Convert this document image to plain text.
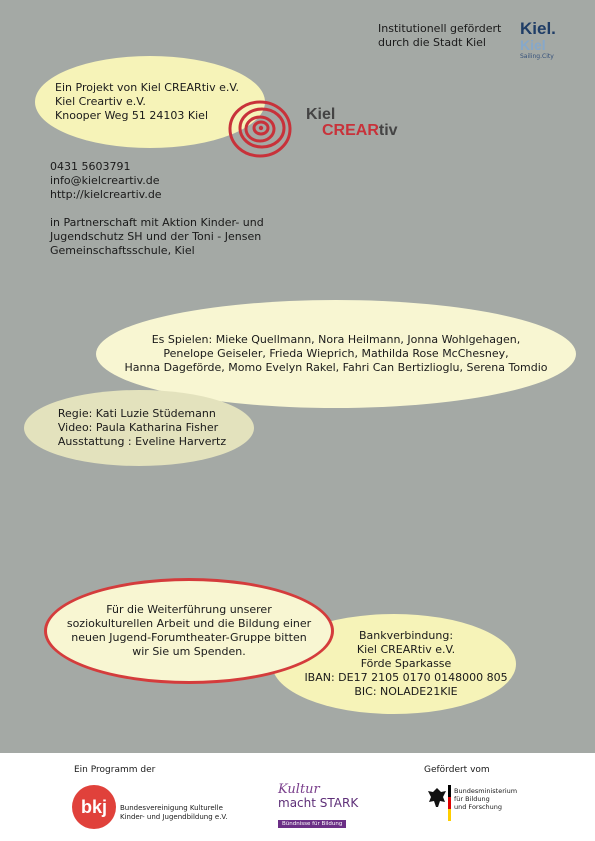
Institutionell gefördert
durch die Stadt Kiel
Kiel.
Kiel
Sailing.City
Ein Projekt von Kiel CREARtiv e.V.
Kiel Creartiv e.V.
Knooper Weg 51 24103 Kiel	Kiel
CREARtiv
0431 5603791
info@kielcreartiv.de
http://kielcreartiv.de
in Partnerschaft mit Aktion Kinder- und
Jugendschutz SH und der Toni - Jensen
Gemeinschaftsschule, Kiel
Es Spielen: Mieke Quellmann, Nora Heilmann, Jonna Wohlgehagen,
Penelope Geiseler, Frieda Wieprich, Mathilda Rose McChesney,
Hanna Dageförde, Momo Evelyn Rakel, Fahri Can Bertizlioglu, Serena Tomdio
Regie: Kati Luzie Stüdemann
Video: Paula Katharina Fisher
Ausstattung : Eveline Harvertz
Bankverbindung:
Kiel CREARtiv e.V.
Förde Sparkasse
IBAN: DE17 2105 0170 0148000 805
BIC: NOLADE21KIE
Für die Weiterführung unserer
soziokulturellen Arbeit und die Bildung einer
neuen Jugend-Forumtheater-Gruppe bitten
wir Sie um Spenden.
Ein Programm der
bkj	Bundesvereinigung Kulturelle
Kinder- und Jugendbildung e.V.
Kultur
macht STARK
Bündnisse für Bildung
Gefördert vom
Bundesministerium
für Bildung
und Forschung
